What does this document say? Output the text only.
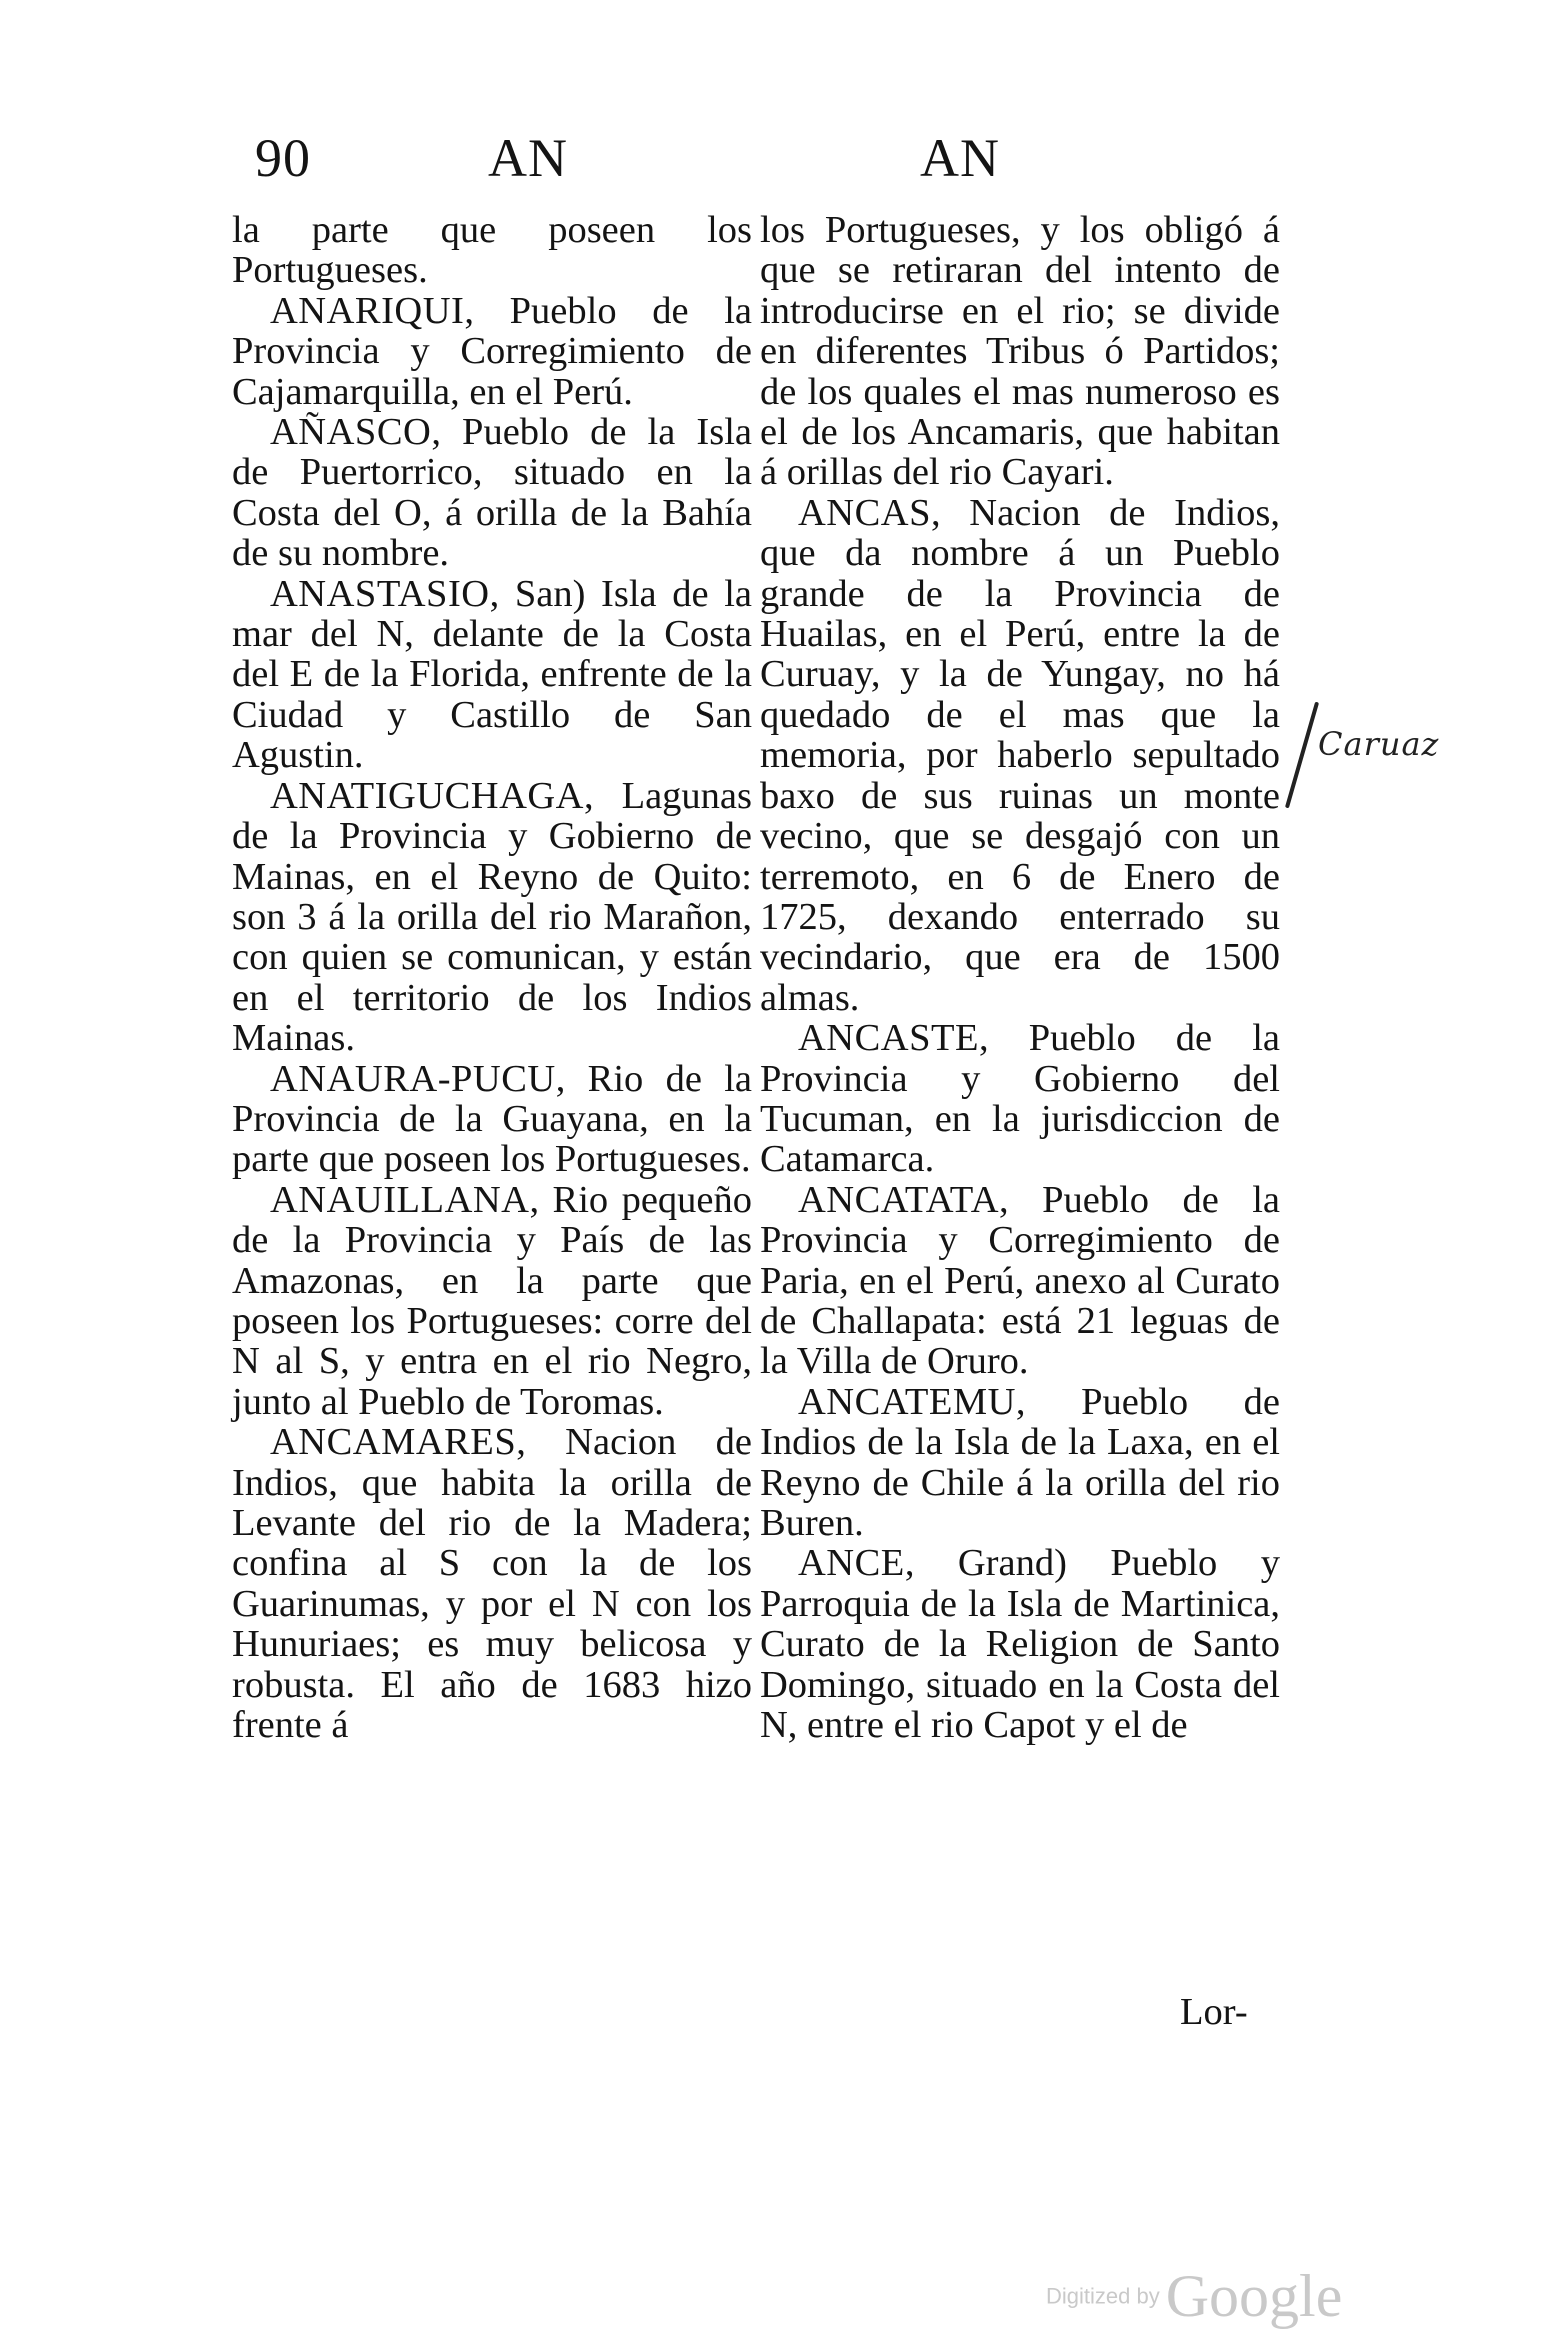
90	AN	AN

la parte que poseen los Portugueses.

ANARIQUI, Pueblo de la Provincia y Corregimiento de Cajamarquilla, en el Perú.

AÑASCO, Pueblo de la Isla de Puertorrico, situado en la Costa del O, á orilla de la Bahía de su nombre.

ANASTASIO, San) Isla de la mar del N, delante de la Costa del E de la Florida, enfrente de la Ciudad y Castillo de San Agustin.

ANATIGUCHAGA, Lagunas de la Provincia y Gobierno de Mainas, en el Reyno de Quito: son 3 á la orilla del rio Marañon, con quien se comunican, y están en el territorio de los Indios Mainas.

ANAURA-PUCU, Rio de la Provincia de la Guayana, en la parte que poseen los Portugueses.

ANAUILLANA, Rio pequeño de la Provincia y País de las Amazonas, en la parte que poseen los Portugueses: corre del N al S, y entra en el rio Negro, junto al Pueblo de Toromas.

ANCAMARES, Nacion de Indios, que habita la orilla de Levante del rio de la Madera; confina al S con la de los Guarinumas, y por el N con los Hunuriaes; es muy belicosa y robusta. El año de 1683 hizo frente á

los Portugueses, y los obligó á que se retiraran del intento de introducirse en el rio; se divide en diferentes Tribus ó Partidos; de los quales el mas numeroso es el de los Ancamaris, que habitan á orillas del rio Cayari.

ANCAS, Nacion de Indios, que da nombre á un Pueblo grande de la Provincia de Huailas, en el Perú, entre la de Curuay, y la de Yungay, no há quedado de el mas que la memoria, por haberlo sepultado baxo de sus ruinas un monte vecino, que se desgajó con un terremoto, en 6 de Enero de 1725, dexando enterrado su vecindario, que era de 1500 almas.

ANCASTE, Pueblo de la Provincia y Gobierno del Tucuman, en la jurisdiccion de Catamarca.

ANCATATA, Pueblo de la Provincia y Corregimiento de Paria, en el Perú, anexo al Curato de Challapata: está 21 leguas de la Villa de Oruro.

ANCATEMU, Pueblo de Indios de la Isla de la Laxa, en el Reyno de Chile á la orilla del rio Buren.

ANCE, Grand) Pueblo y Parroquia de la Isla de Martinica, Curato de la Religion de Santo Domingo, situado en la Costa del N, entre el rio Capot y el de

Lor-
Caruaz
Digitized by Google
